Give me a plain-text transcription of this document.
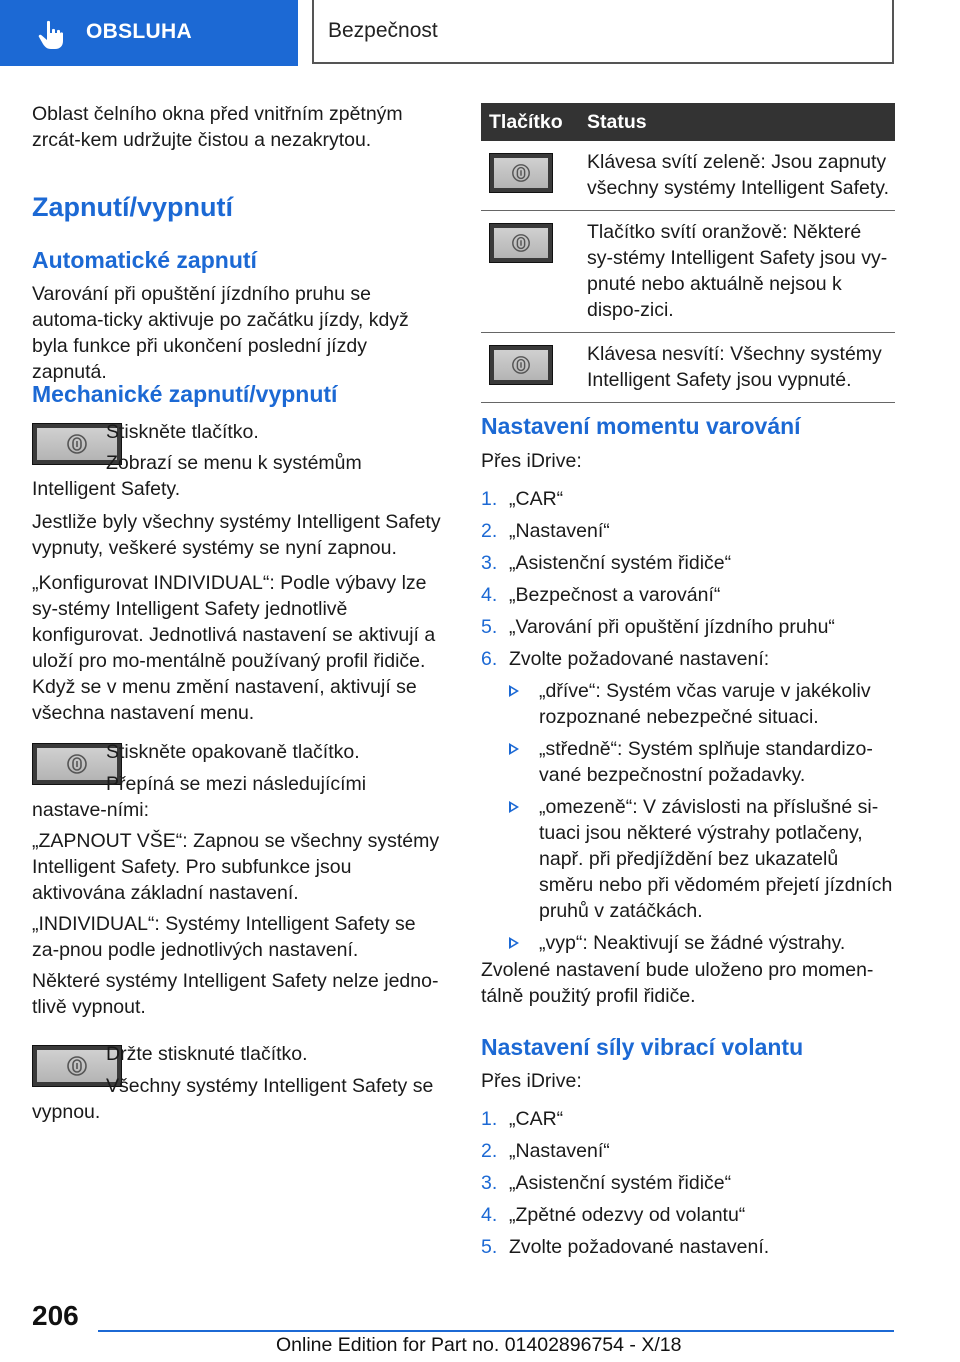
OBSLUHA	Bezpečnost

Oblast čelního okna před vnitřním zpětným zrcát‐kem udržujte čistou a nezakrytou.

Zapnutí/vypnutí
Automatické zapnutí

Varování při opuštění jízdního pruhu se automa‐ticky aktivuje po začátku jízdy, když byla funkce při ukončení poslední jízdy zapnutá.

Mechanické zapnutí/vypnutí
Stiskněte tlačítko.
Zobrazí se menu k systémům Intelligent Safety.
Jestliže byly všechny systémy Intelligent Safety vypnuty, veškeré systémy se nyní zapnou.
„Konfigurovat INDIVIDUAL“: Podle výbavy lze sy‐stémy Intelligent Safety jednotlivě konfigurovat. Jednotlivá nastavení se aktivují a uloží pro mo‐mentálně používaný profil řidiče. Když se v menu změní nastavení, aktivují se všechna nastavení menu.
Stiskněte opakovaně tlačítko.
Přepíná se mezi následujícími nastave‐ními:
„ZAPNOUT VŠE“: Zapnou se všechny systémy Intelligent Safety. Pro subfunkce jsou aktivována základní nastavení.
„INDIVIDUAL“: Systémy Intelligent Safety se za‐pnou podle jednotlivých nastavení.
Některé systémy Intelligent Safety nelze jedno‐tlivě vypnout.
Držte stisknuté tlačítko.
Všechny systémy Intelligent Safety se vypnou.
Tlačítko	Status

	Klávesa svítí zeleně: Jsou zapnuty všechny systémy Intelligent Safety.

	Tlačítko svítí oranžově: Některé sy‐stémy Intelligent Safety jsou vy‐pnuté nebo aktuálně nejsou k dispo‐zici.

	Klávesa nesvítí: Všechny systémy Intelligent Safety jsou vypnuté.
Nastavení momentu varování
Přes iDrive:
1. „CAR“
2. „Nastavení“
3. „Asistenční systém řidiče“
4. „Bezpečnost a varování“
5. „Varování při opuštění jízdního pruhu“
6. Zvolte požadované nastavení:
„dříve“: Systém včas varuje v jakékoliv rozpoznané nebezpečné situaci.
„středně“: Systém splňuje standardizo‐vané bezpečnostní požadavky.
„omezeně“: V závislosti na příslušné si‐tuaci jsou některé výstrahy potlačeny, např. při předjíždění bez ukazatelů směru nebo při vědomém přejetí jízdních pruhů v zatáčkách.
„vyp“: Neaktivují se žádné výstrahy.
Zvolené nastavení bude uloženo pro momen‐tálně použitý profil řidiče.
Nastavení síly vibrací volantu
Přes iDrive:
1. „CAR“
2. „Nastavení“
3. „Asistenční systém řidiče“
4. „Zpětné odezvy od volantu“
5. Zvolte požadované nastavení.
206
Online Edition for Part no. 01402896754 - X/18
